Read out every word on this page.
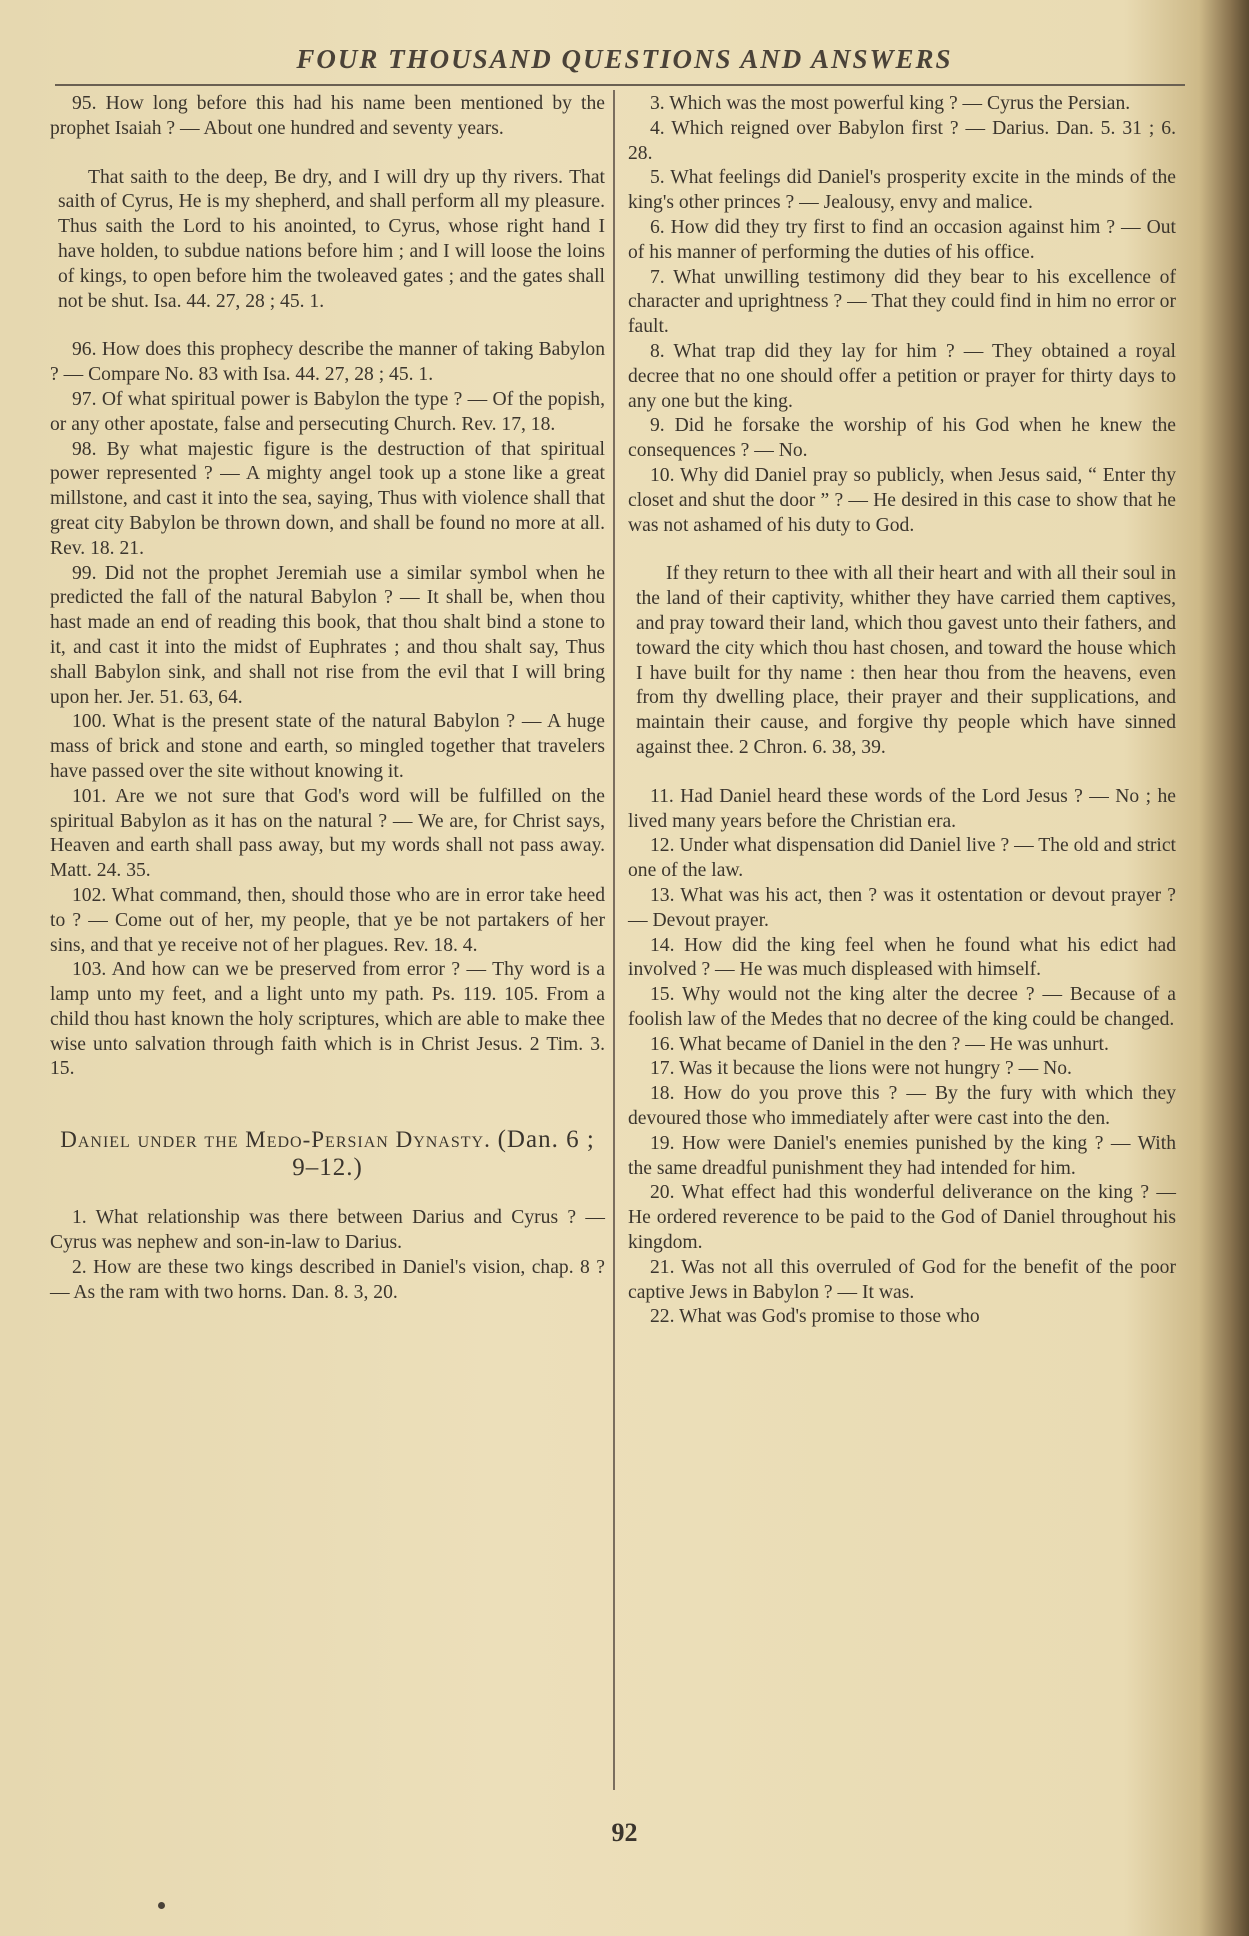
FOUR THOUSAND QUESTIONS AND ANSWERS

95. How long before this had his name been mentioned by the prophet Isaiah ? — About one hundred and seventy years.

That saith to the deep, Be dry, and I will dry up thy rivers. That saith of Cyrus, He is my shepherd, and shall perform all my pleasure. Thus saith the Lord to his anointed, to Cyrus, whose right hand I have holden, to subdue nations before him ; and I will loose the loins of kings, to open before him the twoleaved gates ; and the gates shall not be shut. Isa. 44. 27, 28 ; 45. 1.

96. How does this prophecy describe the manner of taking Babylon ? — Compare No. 83 with Isa. 44. 27, 28 ; 45. 1.

97. Of what spiritual power is Babylon the type ? — Of the popish, or any other apostate, false and persecuting Church. Rev. 17, 18.

98. By what majestic figure is the destruction of that spiritual power represented ? — A mighty angel took up a stone like a great millstone, and cast it into the sea, saying, Thus with violence shall that great city Babylon be thrown down, and shall be found no more at all. Rev. 18. 21.

99. Did not the prophet Jeremiah use a similar symbol when he predicted the fall of the natural Babylon ? — It shall be, when thou hast made an end of reading this book, that thou shalt bind a stone to it, and cast it into the midst of Euphrates ; and thou shalt say, Thus shall Babylon sink, and shall not rise from the evil that I will bring upon her. Jer. 51. 63, 64.

100. What is the present state of the natural Babylon ? — A huge mass of brick and stone and earth, so mingled together that travelers have passed over the site without knowing it.

101. Are we not sure that God's word will be fulfilled on the spiritual Babylon as it has on the natural ? — We are, for Christ says, Heaven and earth shall pass away, but my words shall not pass away. Matt. 24. 35.

102. What command, then, should those who are in error take heed to ? — Come out of her, my people, that ye be not partakers of her sins, and that ye receive not of her plagues. Rev. 18. 4.

103. And how can we be preserved from error ? — Thy word is a lamp unto my feet, and a light unto my path. Ps. 119. 105. From a child thou hast known the holy scriptures, which are able to make thee wise unto salvation through faith which is in Christ Jesus. 2 Tim. 3. 15.

Daniel under the Medo-Persian Dynasty. (Dan. 6 ; 9–12.)

1. What relationship was there between Darius and Cyrus ? — Cyrus was nephew and son-in-law to Darius.

2. How are these two kings described in Daniel's vision, chap. 8 ? — As the ram with two horns. Dan. 8. 3, 20.

3. Which was the most powerful king ? — Cyrus the Persian.

4. Which reigned over Babylon first ? — Darius. Dan. 5. 31 ; 6. 28.

5. What feelings did Daniel's prosperity excite in the minds of the king's other princes ? — Jealousy, envy and malice.

6. How did they try first to find an occasion against him ? — Out of his manner of performing the duties of his office.

7. What unwilling testimony did they bear to his excellence of character and uprightness ? — That they could find in him no error or fault.

8. What trap did they lay for him ? — They obtained a royal decree that no one should offer a petition or prayer for thirty days to any one but the king.

9. Did he forsake the worship of his God when he knew the consequences ? — No.

10. Why did Daniel pray so publicly, when Jesus said, “ Enter thy closet and shut the door ” ? — He desired in this case to show that he was not ashamed of his duty to God.

If they return to thee with all their heart and with all their soul in the land of their captivity, whither they have carried them captives, and pray toward their land, which thou gavest unto their fathers, and toward the city which thou hast chosen, and toward the house which I have built for thy name : then hear thou from the heavens, even from thy dwelling place, their prayer and their supplications, and maintain their cause, and forgive thy people which have sinned against thee. 2 Chron. 6. 38, 39.

11. Had Daniel heard these words of the Lord Jesus ? — No ; he lived many years before the Christian era.

12. Under what dispensation did Daniel live ? — The old and strict one of the law.

13. What was his act, then ? was it ostentation or devout prayer ? — Devout prayer.

14. How did the king feel when he found what his edict had involved ? — He was much displeased with himself.

15. Why would not the king alter the decree ? — Because of a foolish law of the Medes that no decree of the king could be changed.

16. What became of Daniel in the den ? — He was unhurt.

17. Was it because the lions were not hungry ? — No.

18. How do you prove this ? — By the fury with which they devoured those who immediately after were cast into the den.

19. How were Daniel's enemies punished by the king ? — With the same dreadful punishment they had intended for him.

20. What effect had this wonderful deliverance on the king ? — He ordered reverence to be paid to the God of Daniel throughout his kingdom.

21. Was not all this overruled of God for the benefit of the poor captive Jews in Babylon ? — It was.

22. What was God's promise to those who

92
